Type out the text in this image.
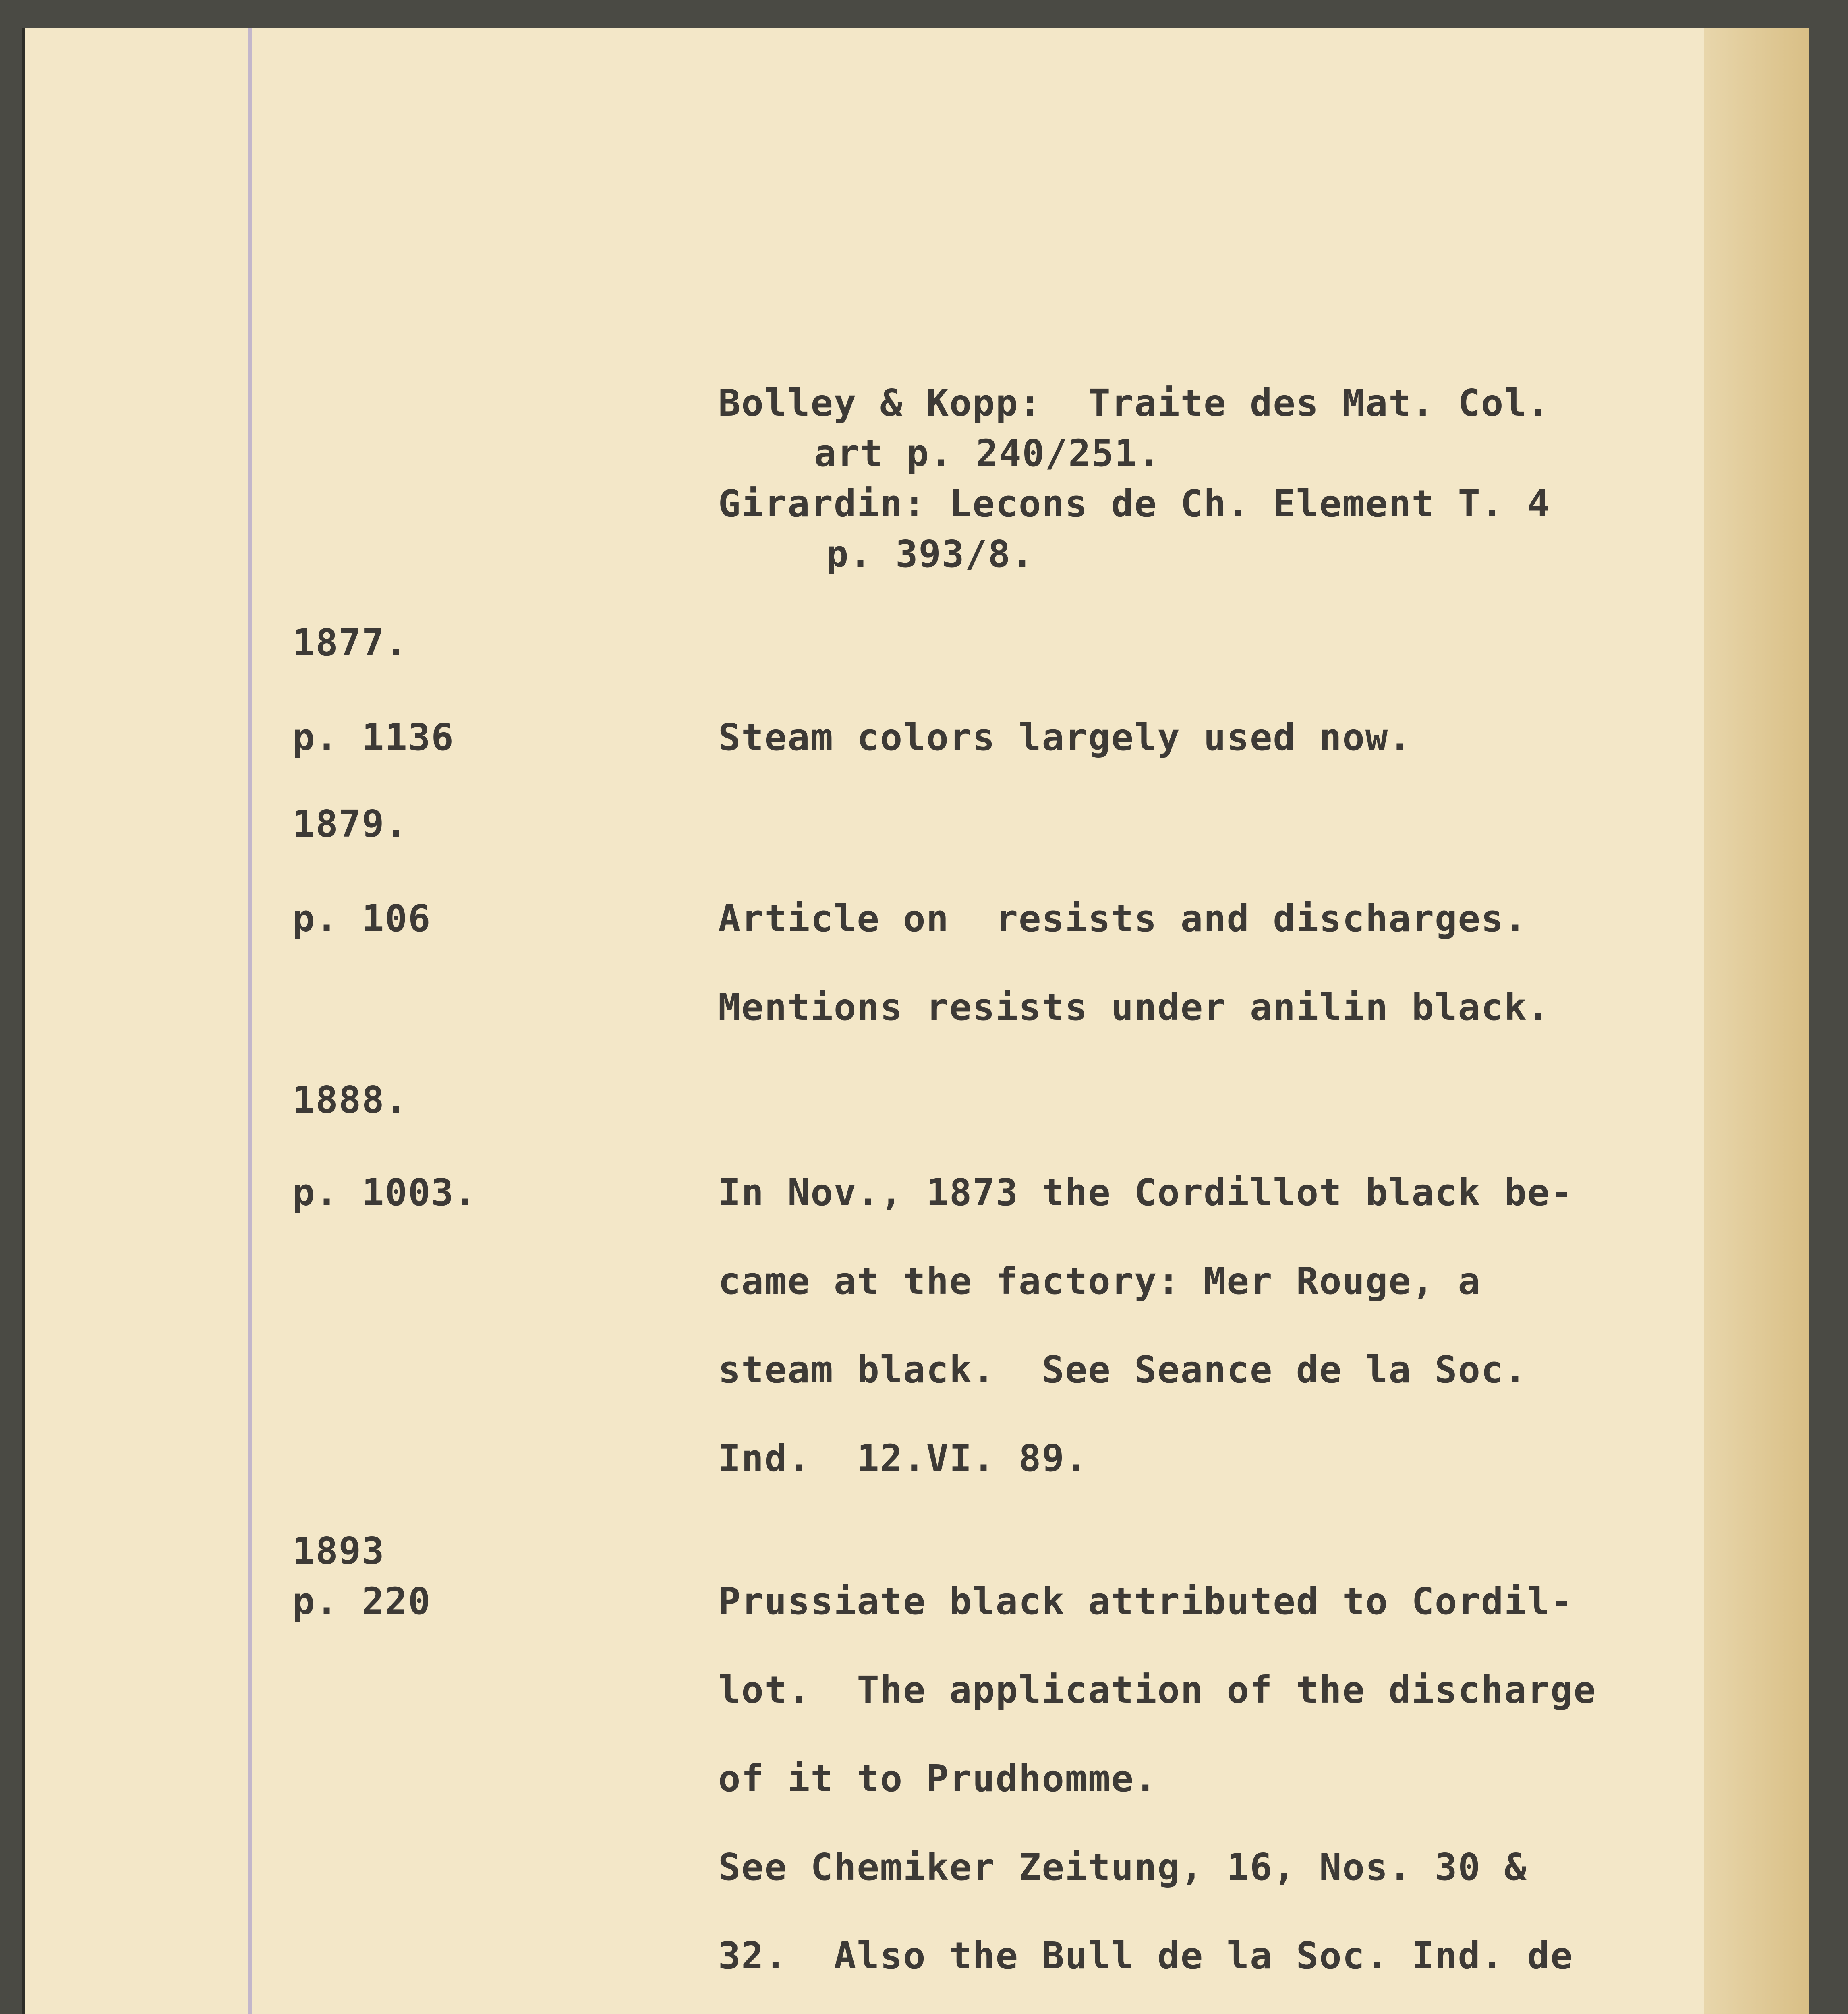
Bolley & Kopp:  Traite des Mat. Col.
art p. 240/251.
Girardin: Lecons de Ch. Element T. 4
p. 393/8.
1877.
p. 1136	Steam colors largely used now.
1879.
p. 106	Article on  resists and discharges.
Mentions resists under anilin black.
1888.
p. 1003.	In Nov., 1873 the Cordillot black be-
came at the factory: Mer Rouge, a
steam black.  See Seance de la Soc.
Ind.  12.VI. 89.
1893
p. 220	Prussiate black attributed to Cordil-
lot.  The application of the discharge
of it to Prudhomme.
See Chemiker Zeitung, 16, Nos. 30 &
32.  Also the Bull de la Soc. Ind. de
